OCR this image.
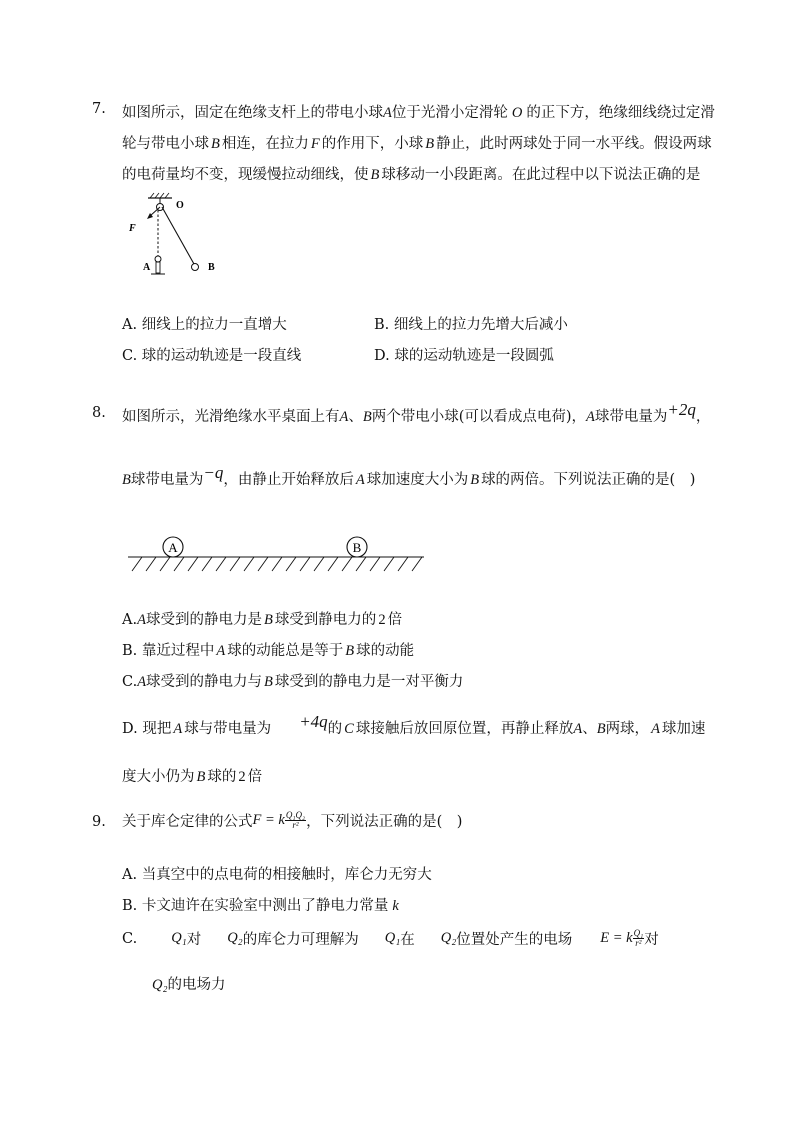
7. 如图所示，固定在绝缘支杆上的带电小球A位于光滑小定滑轮 O 的正下方，绝缘细线绕过定滑
轮与带电小球 B 相连，在拉力 F 的作用下，小球 B 静止，此时两球处于同一水平线。假设两球
的电荷量均不变，现缓慢拉动细线，使 B 球移动一小段距离。在此过程中以下说法正确的是
O
F
A	B
A. 细线上的拉力一直增大	B. 细线上的拉力先增大后减小
C. 球的运动轨迹是一段直线	D. 球的运动轨迹是一段圆弧
8. 如图所示，光滑绝缘水平桌面上有A、B两个带电小球(可以看成点电荷)，A球带电量为+2q，
B球带电量为−q，由静止开始释放后 A 球加速度大小为 B 球的两倍。下列说法正确的是(　)
A	B
A.A球受到的静电力是 B 球受到静电力的 2 倍
B. 靠近过程中 A 球的动能总是等于 B 球的动能
C.A球受到的静电力与 B 球受到的静电力是一对平衡力
D. 现把 A 球与带电量为 +4q的 C 球接触后放回原位置，再静止释放A、B两球， A 球加速
度大小仍为 B 球的 2 倍
9. 关于库仑定律的公式F = k $\frac{\text{Q₁Q₂}}{\text{r²}}$ ，下列说法正确的是(　)
A. 当真空中的点电荷的相接触时，库仑力无穷大
B. 卡文迪许在实验室中测出了静电力常量 k
C. Q₁对 Q₂的库仑力可理解为 Q₁在 Q₂位置处产生的电场 E = k $\frac{\text{Q₁}}{\text{r²}}$ 对
Q₂的电场力
